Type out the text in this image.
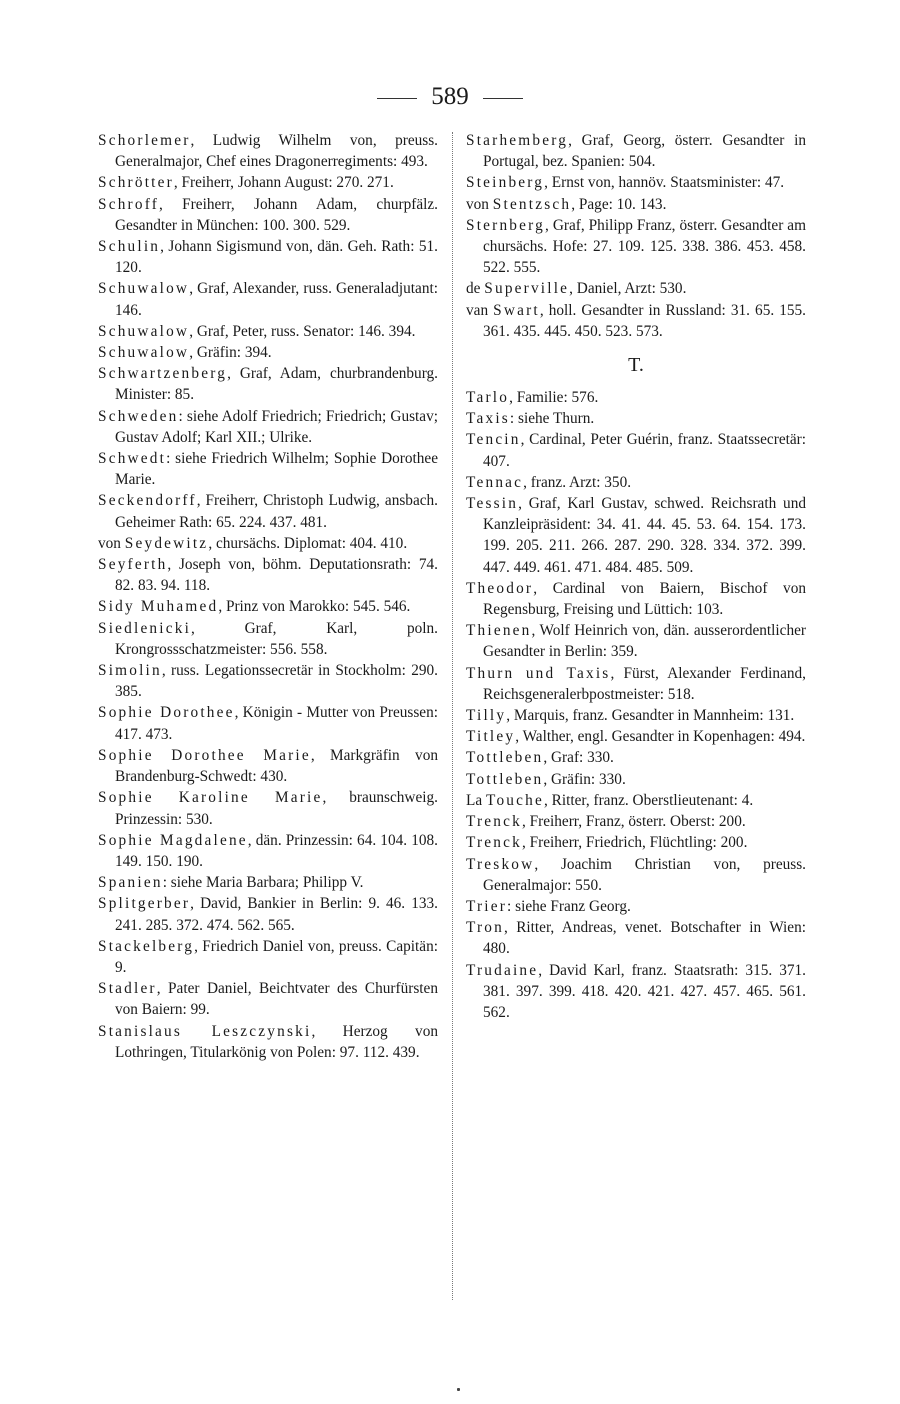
589

Schorlemer, Ludwig Wilhelm von, preuss. Generalmajor, Chef eines Dragonerregiments: 493.

Schrötter, Freiherr, Johann August: 270. 271.

Schroff, Freiherr, Johann Adam, churpfälz. Gesandter in München: 100. 300. 529.

Schulin, Johann Sigismund von, dän. Geh. Rath: 51. 120.

Schuwalow, Graf, Alexander, russ. Generaladjutant: 146.

Schuwalow, Graf, Peter, russ. Senator: 146. 394.

Schuwalow, Gräfin: 394.

Schwartzenberg, Graf, Adam, churbrandenburg. Minister: 85.

Schweden: siehe Adolf Friedrich; Friedrich; Gustav; Gustav Adolf; Karl XII.; Ulrike.

Schwedt: siehe Friedrich Wilhelm; Sophie Dorothee Marie.

Seckendorff, Freiherr, Christoph Ludwig, ansbach. Geheimer Rath: 65. 224. 437. 481.

von Seydewitz, chursächs. Diplomat: 404. 410.

Seyferth, Joseph von, böhm. Deputationsrath: 74. 82. 83. 94. 118.

Sidy Muhamed, Prinz von Marokko: 545. 546.

Siedlenicki, Graf, Karl, poln. Krongrossschatzmeister: 556. 558.

Simolin, russ. Legationssecretär in Stockholm: 290. 385.

Sophie Dorothee, Königin - Mutter von Preussen: 417. 473.

Sophie Dorothee Marie, Markgräfin von Brandenburg-Schwedt: 430.

Sophie Karoline Marie, braunschweig. Prinzessin: 530.

Sophie Magdalene, dän. Prinzessin: 64. 104. 108. 149. 150. 190.

Spanien: siehe Maria Barbara; Philipp V.

Splitgerber, David, Bankier in Berlin: 9. 46. 133. 241. 285. 372. 474. 562. 565.

Stackelberg, Friedrich Daniel von, preuss. Capitän: 9.

Stadler, Pater Daniel, Beichtvater des Churfürsten von Baiern: 99.

Stanislaus Leszczynski, Herzog von Lothringen, Titularkönig von Polen: 97. 112. 439.

Starhemberg, Graf, Georg, österr. Gesandter in Portugal, bez. Spanien: 504.

Steinberg, Ernst von, hannöv. Staatsminister: 47.

von Stentzsch, Page: 10. 143.

Sternberg, Graf, Philipp Franz, österr. Gesandter am chursächs. Hofe: 27. 109. 125. 338. 386. 453. 458. 522. 555.

de Superville, Daniel, Arzt: 530.

van Swart, holl. Gesandter in Russland: 31. 65. 155. 361. 435. 445. 450. 523. 573.

T.

Tarlo, Familie: 576.

Taxis: siehe Thurn.

Tencin, Cardinal, Peter Guérin, franz. Staatssecretär: 407.

Tennac, franz. Arzt: 350.

Tessin, Graf, Karl Gustav, schwed. Reichsrath und Kanzleipräsident: 34. 41. 44. 45. 53. 64. 154. 173. 199. 205. 211. 266. 287. 290. 328. 334. 372. 399. 447. 449. 461. 471. 484. 485. 509.

Theodor, Cardinal von Baiern, Bischof von Regensburg, Freising und Lüttich: 103.

Thienen, Wolf Heinrich von, dän. ausserordentlicher Gesandter in Berlin: 359.

Thurn und Taxis, Fürst, Alexander Ferdinand, Reichsgeneralerbpostmeister: 518.

Tilly, Marquis, franz. Gesandter in Mannheim: 131.

Titley, Walther, engl. Gesandter in Kopenhagen: 494.

Tottleben, Graf: 330.

Tottleben, Gräfin: 330.

La Touche, Ritter, franz. Oberstlieutenant: 4.

Trenck, Freiherr, Franz, österr. Oberst: 200.

Trenck, Freiherr, Friedrich, Flüchtling: 200.

Treskow, Joachim Christian von, preuss. Generalmajor: 550.

Trier: siehe Franz Georg.

Tron, Ritter, Andreas, venet. Botschafter in Wien: 480.

Trudaine, David Karl, franz. Staatsrath: 315. 371. 381. 397. 399. 418. 420. 421. 427. 457. 465. 561. 562.
